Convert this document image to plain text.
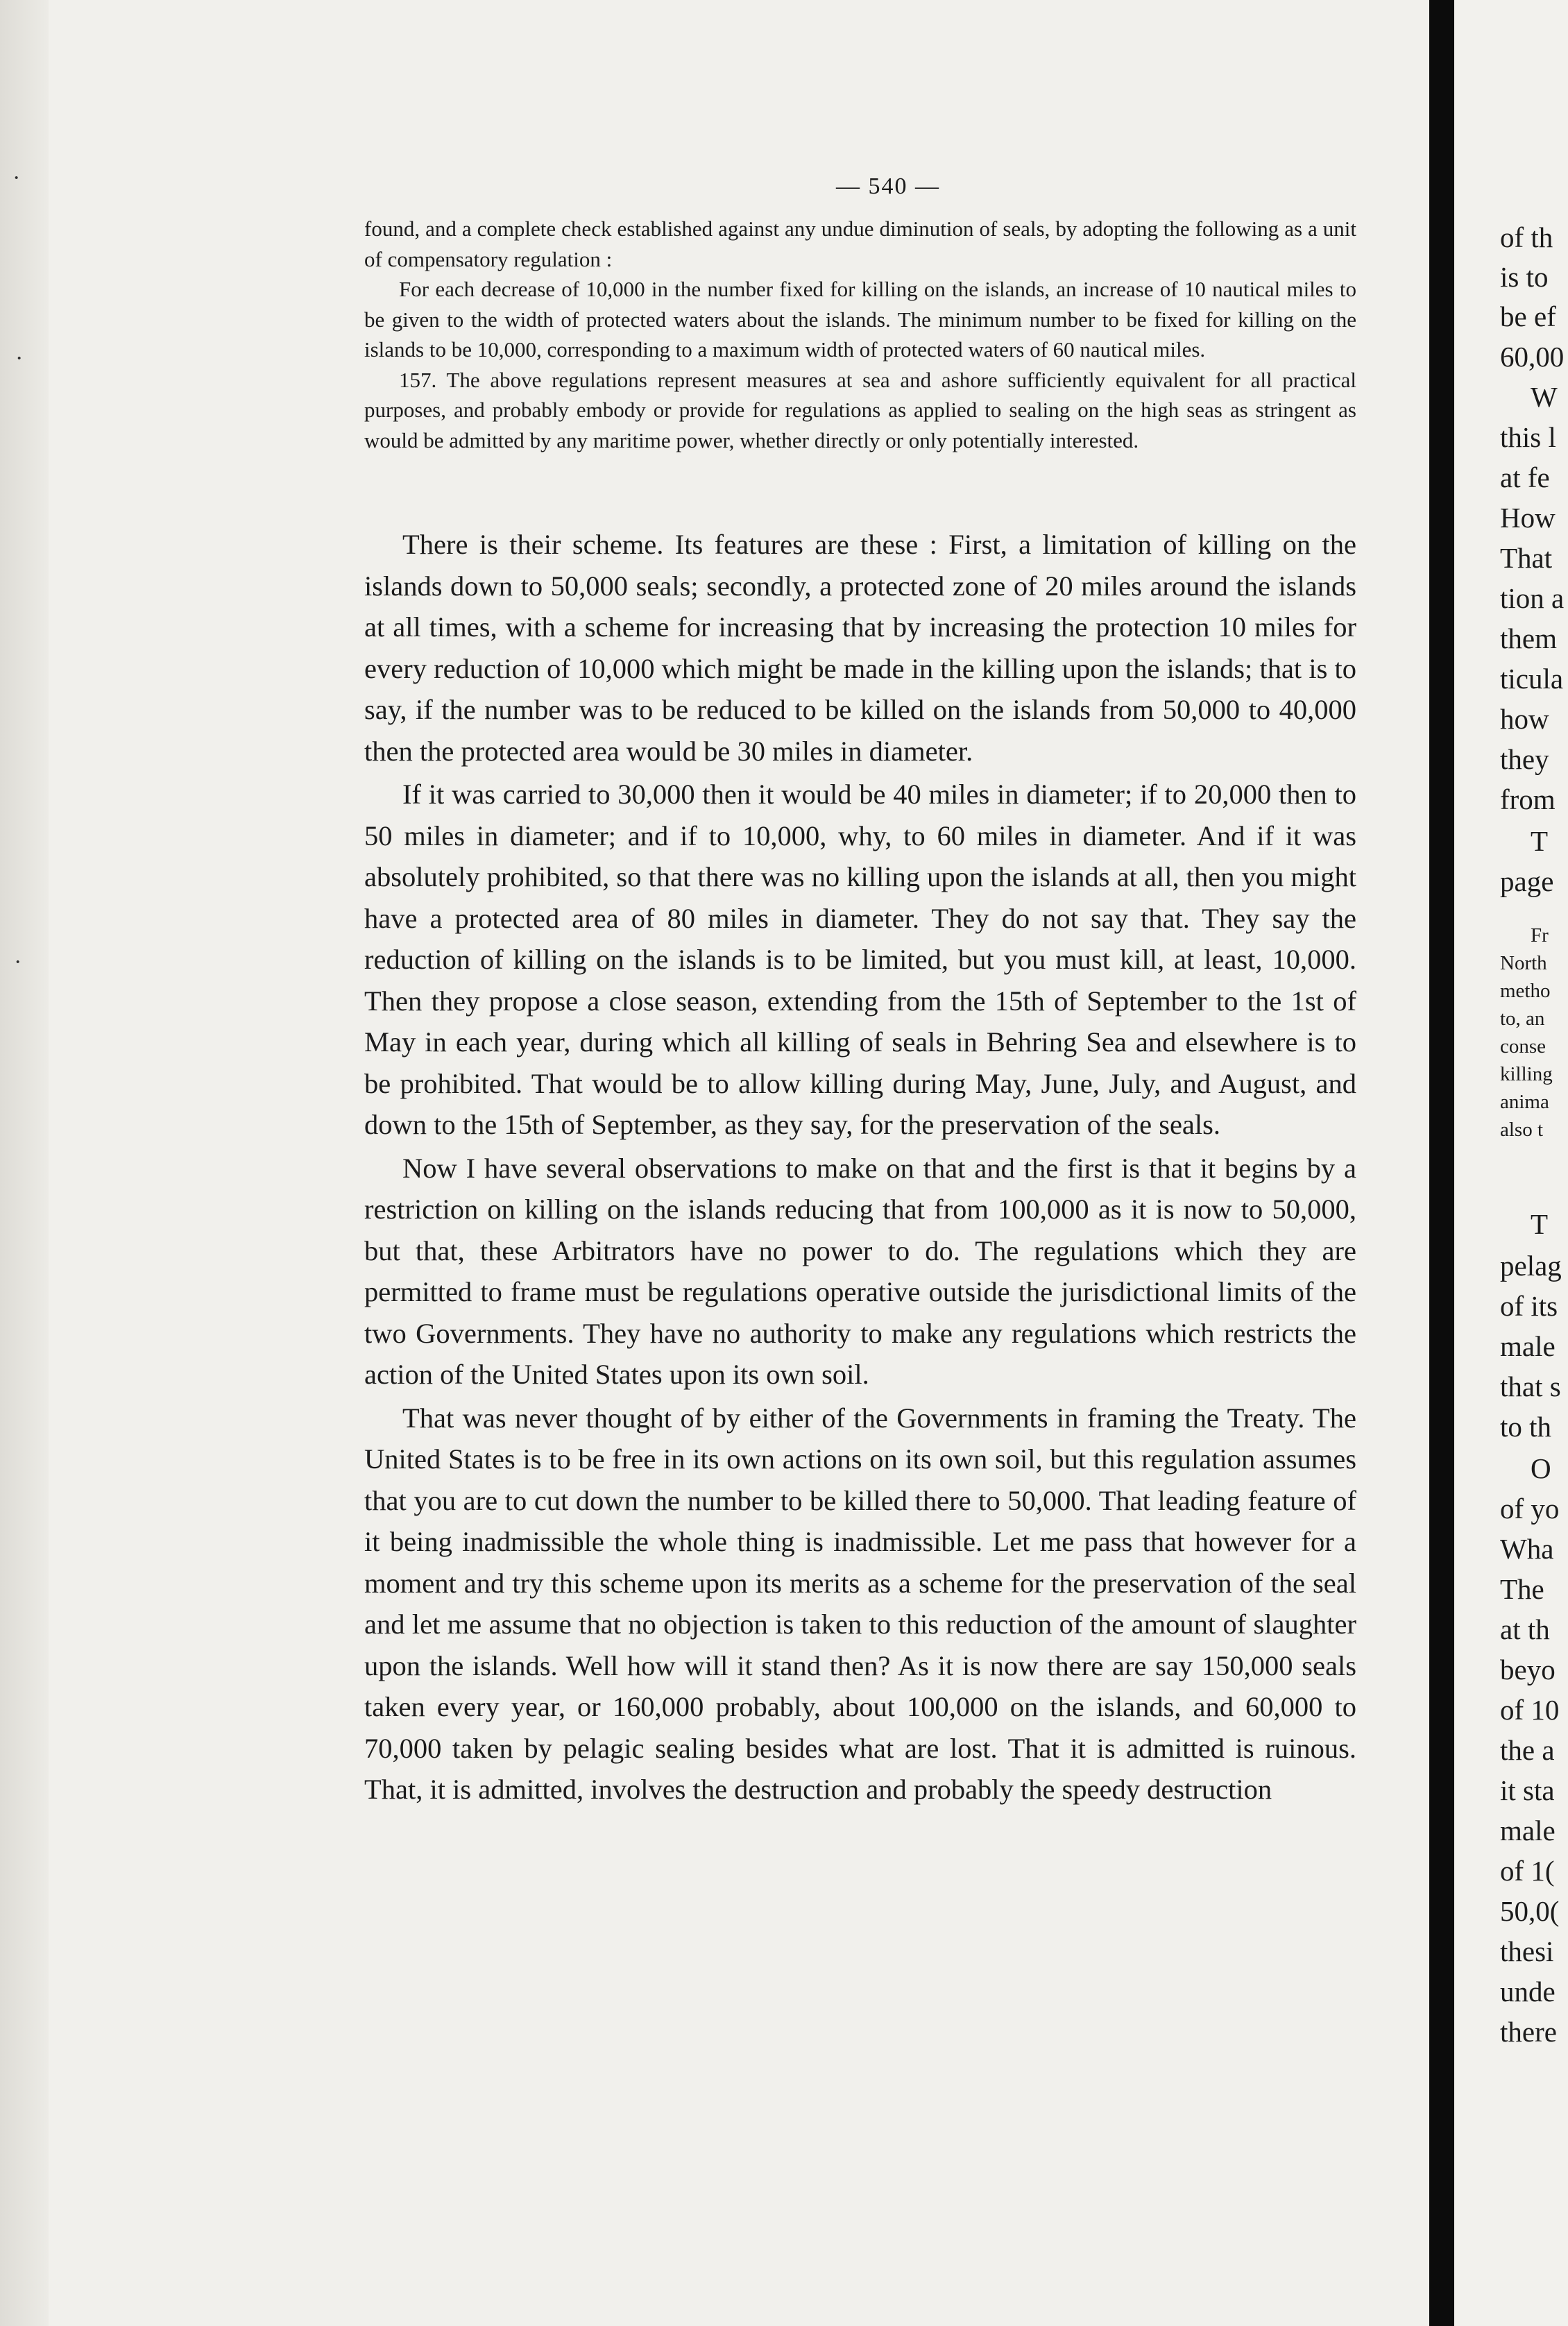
·
·
·
— 540 —

found, and a complete check established against any undue diminution of seals, by adopting the following as a unit of compensatory regulation :

For each decrease of 10,000 in the number fixed for killing on the islands, an increase of 10 nautical miles to be given to the width of protected waters about the islands. The minimum number to be fixed for killing on the islands to be 10,000, corresponding to a maximum width of protected waters of 60 nautical miles.

157. The above regulations represent measures at sea and ashore sufficiently equivalent for all practical purposes, and probably embody or provide for regulations as applied to sealing on the high seas as stringent as would be admitted by any maritime power, whether directly or only potentially interested.

There is their scheme. Its features are these : First, a limitation of killing on the islands down to 50,000 seals; secondly, a protected zone of 20 miles around the islands at all times, with a scheme for increasing that by increasing the protection 10 miles for every reduction of 10,000 which might be made in the killing upon the islands; that is to say, if the number was to be reduced to be killed on the islands from 50,000 to 40,000 then the protected area would be 30 miles in diameter.

If it was carried to 30,000 then it would be 40 miles in diameter; if to 20,000 then to 50 miles in diameter; and if to 10,000, why, to 60 miles in diameter. And if it was absolutely prohibited, so that there was no killing upon the islands at all, then you might have a protected area of 80 miles in diameter. They do not say that. They say the reduction of killing on the islands is to be limited, but you must kill, at least, 10,000. Then they propose a close season, extending from the 15th of September to the 1st of May in each year, during which all killing of seals in Behring Sea and elsewhere is to be prohibited. That would be to allow killing during May, June, July, and August, and down to the 15th of September, as they say, for the preservation of the seals.

Now I have several observations to make on that and the first is that it begins by a restriction on killing on the islands reducing that from 100,000 as it is now to 50,000, but that, these Arbitrators have no power to do. The regulations which they are permitted to frame must be regulations operative outside the jurisdictional limits of the two Governments. They have no authority to make any regulations which restricts the action of the United States upon its own soil.

That was never thought of by either of the Governments in framing the Treaty. The United States is to be free in its own actions on its own soil, but this regulation assumes that you are to cut down the number to be killed there to 50,000. That leading feature of it being inadmissible the whole thing is inadmissible. Let me pass that however for a moment and try this scheme upon its merits as a scheme for the preservation of the seal and let me assume that no objection is taken to this reduction of the amount of slaughter upon the islands. Well how will it stand then? As it is now there are say 150,000 seals taken every year, or 160,000 probably, about 100,000 on the islands, and 60,000 to 70,000 taken by pelagic sealing besides what are lost. That it is admitted is ruinous. That, it is admitted, involves the destruction and probably the speedy destruction

of th
is to
be ef
60,00
W
this l
at fe
How
That
tion a
them
ticula
how
they
from
T
page
Fr
North
metho
to, an
conse
killing
anima
also t
T
pelag
of its
male
that s
to th
O
of yo
Wha
The
at th
beyo
of 10
the a
it sta
male
of 1(
50,0(
thesi
unde
there
